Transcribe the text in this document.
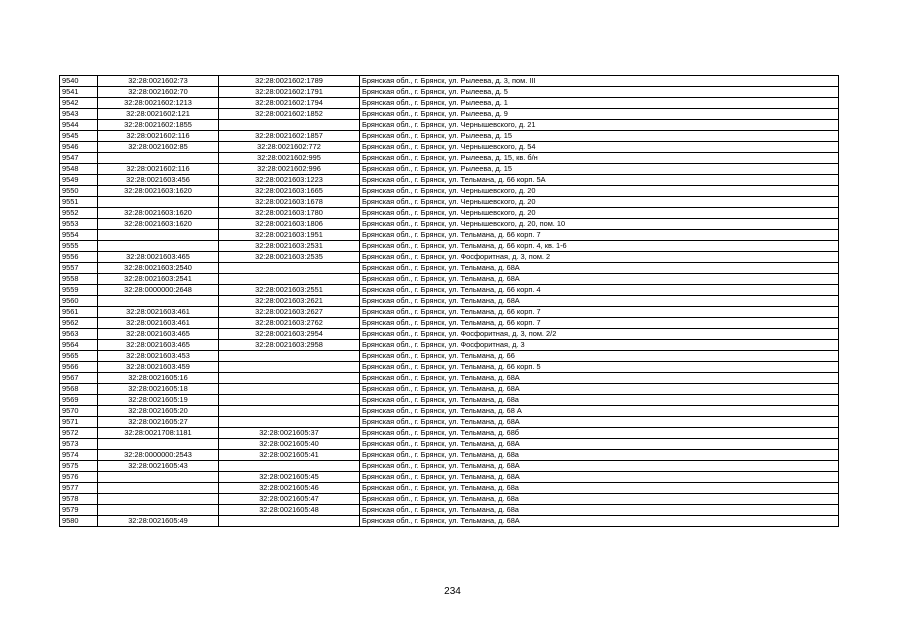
9540	32:28:0021602:73	32:28:0021602:1789	Брянская обл., г. Брянск, ул. Рылеева, д. 3, пом. III
9541	32:28:0021602:70	32:28:0021602:1791	Брянская обл., г. Брянск, ул. Рылеева, д. 5
9542	32:28:0021602:1213	32:28:0021602:1794	Брянская обл., г. Брянск, ул. Рылеева, д. 1
9543	32:28:0021602:121	32:28:0021602:1852	Брянская обл., г. Брянск, ул. Рылеева, д. 9
9544	32:28:0021602:1855		Брянская обл., г. Брянск, ул. Чернышевского, д. 21
9545	32:28:0021602:116	32:28:0021602:1857	Брянская обл., г. Брянск, ул. Рылеева, д. 15
9546	32:28:0021602:85	32:28:0021602:772	Брянская обл., г. Брянск, ул. Чернышевского, д. 54
9547		32:28:0021602:995	Брянская обл., г. Брянск, ул. Рылеева, д. 15, кв. б/н
9548	32:28:0021602:116	32:28:0021602:996	Брянская обл., г. Брянск, ул. Рылеева, д. 15
9549	32:28:0021603:456	32:28:0021603:1223	Брянская обл., г. Брянск, ул. Тельмана, д. 66 корп. 5А
9550	32:28:0021603:1620	32:28:0021603:1665	Брянская обл., г. Брянск, ул. Чернышевского, д. 20
9551		32:28:0021603:1678	Брянская обл., г. Брянск, ул. Чернышевского, д. 20
9552	32:28:0021603:1620	32:28:0021603:1780	Брянская обл., г. Брянск, ул. Чернышевского, д. 20
9553	32:28:0021603:1620	32:28:0021603:1806	Брянская обл., г. Брянск, ул. Чернышевского, д. 20, пом. 10
9554		32:28:0021603:1951	Брянская обл., г. Брянск, ул. Тельмана, д. 66 корп. 7
9555		32:28:0021603:2531	Брянская обл., г. Брянск, ул. Тельмана, д. 66 корп. 4, кв. 1-6
9556	32:28:0021603:465	32:28:0021603:2535	Брянская обл., г. Брянск, ул. Фосфоритная, д. 3, пом. 2
9557	32:28:0021603:2540		Брянская обл., г. Брянск, ул. Тельмана, д. 68А
9558	32:28:0021603:2541		Брянская обл., г. Брянск, ул. Тельмана, д. 68А
9559	32:28:0000000:2648	32:28:0021603:2551	Брянская обл., г. Брянск, ул. Тельмана, д. 66 корп. 4
9560		32:28:0021603:2621	Брянская обл., г. Брянск, ул. Тельмана, д. 68А
9561	32:28:0021603:461	32:28:0021603:2627	Брянская обл., г. Брянск, ул. Тельмана, д. 66 корп. 7
9562	32:28:0021603:461	32:28:0021603:2762	Брянская обл., г. Брянск, ул. Тельмана, д. 66 корп. 7
9563	32:28:0021603:465	32:28:0021603:2954	Брянская обл., г. Брянск, ул. Фосфоритная, д. 3, пом. 2/2
9564	32:28:0021603:465	32:28:0021603:2958	Брянская обл., г. Брянск, ул. Фосфоритная, д. 3
9565	32:28:0021603:453		Брянская обл., г. Брянск, ул. Тельмана, д. 66
9566	32:28:0021603:459		Брянская обл., г. Брянск, ул. Тельмана, д. 66 корп. 5
9567	32:28:0021605:16		Брянская обл., г. Брянск, ул. Тельмана, д. 68А
9568	32:28:0021605:18		Брянская обл., г. Брянск, ул. Тельмана, д. 68А
9569	32:28:0021605:19		Брянская обл., г. Брянск, ул. Тельмана, д. 68а
9570	32:28:0021605:20		Брянская обл., г. Брянск, ул. Тельмана, д. 68 А
9571	32:28:0021605:27		Брянская обл., г. Брянск, ул. Тельмана, д. 68А
9572	32:28:0021708:1181	32:28:0021605:37	Брянская обл., г. Брянск, ул. Тельмана, д. 68б
9573		32:28:0021605:40	Брянская обл., г. Брянск, ул. Тельмана, д. 68А
9574	32:28:0000000:2543	32:28:0021605:41	Брянская обл., г. Брянск, ул. Тельмана, д. 68а
9575	32:28:0021605:43		Брянская обл., г. Брянск, ул. Тельмана, д. 68А
9576		32:28:0021605:45	Брянская обл., г. Брянск, ул. Тельмана, д. 68А
9577		32:28:0021605:46	Брянская обл., г. Брянск, ул. Тельмана, д. 68а
9578		32:28:0021605:47	Брянская обл., г. Брянск, ул. Тельмана, д. 68а
9579		32:28:0021605:48	Брянская обл., г. Брянск, ул. Тельмана, д. 68а
9580	32:28:0021605:49		Брянская обл., г. Брянск, ул. Тельмана, д. 68А
234
